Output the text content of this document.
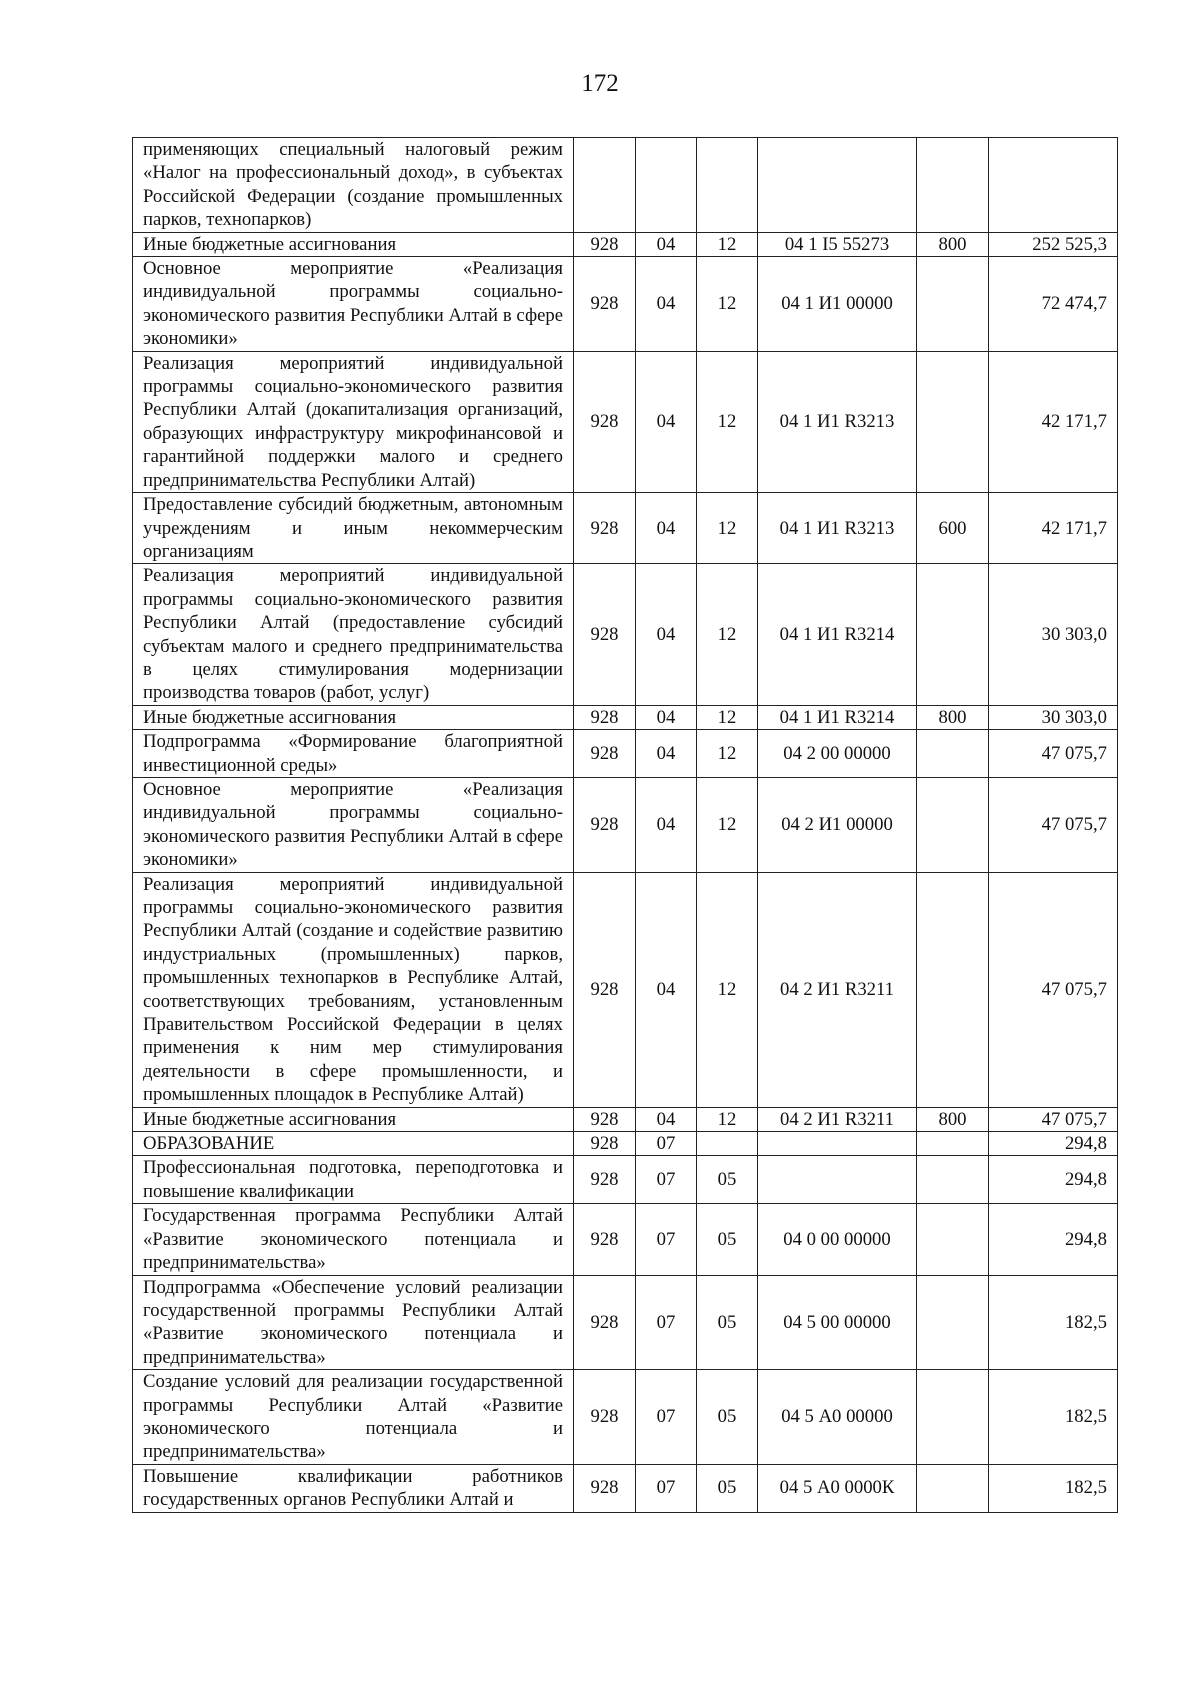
172
применяющих специальный налоговый режим «Налог на профессиональный доход», в субъектах Российской Федерации (создание промышленных парков, технопарков)						
Иные бюджетные ассигнования	928	04	12	04 1 I5 55273	800	252 525,3
Основное мероприятие «Реализация индивидуальной программы социально-экономического развития Республики Алтай в сфере экономики»	928	04	12	04 1 И1 00000		72 474,7
Реализация мероприятий индивидуальной программы социально-экономического развития Республики Алтай (докапитализация организаций, образующих инфраструктуру микрофинансовой и гарантийной поддержки малого и среднего предпринимательства Республики Алтай)	928	04	12	04 1 И1 R3213		42 171,7
Предоставление субсидий бюджетным, автономным учреждениям и иным некоммерческим организациям	928	04	12	04 1 И1 R3213	600	42 171,7
Реализация мероприятий индивидуальной программы социально-экономического развития Республики Алтай (предоставление субсидий субъектам малого и среднего предпринимательства в целях стимулирования модернизации производства товаров (работ, услуг)	928	04	12	04 1 И1 R3214		30 303,0
Иные бюджетные ассигнования	928	04	12	04 1 И1 R3214	800	30 303,0
Подпрограмма «Формирование благоприятной инвестиционной среды»	928	04	12	04 2 00 00000		47 075,7
Основное мероприятие «Реализация индивидуальной программы социально-экономического развития Республики Алтай в сфере экономики»	928	04	12	04 2 И1 00000		47 075,7
Реализация мероприятий индивидуальной программы социально-экономического развития Республики Алтай (создание и содействие развитию индустриальных (промышленных) парков, промышленных технопарков в Республике Алтай, соответствующих требованиям, установленным Правительством Российской Федерации в целях применения к ним мер стимулирования деятельности в сфере промышленности, и промышленных площадок в Республике Алтай)	928	04	12	04 2 И1 R3211		47 075,7
Иные бюджетные ассигнования	928	04	12	04 2 И1 R3211	800	47 075,7
ОБРАЗОВАНИЕ	928	07				294,8
Профессиональная подготовка, переподготовка и повышение квалификации	928	07	05			294,8
Государственная программа Республики Алтай «Развитие экономического потенциала и предпринимательства»	928	07	05	04 0 00 00000		294,8
Подпрограмма «Обеспечение условий реализации государственной программы Республики Алтай «Развитие экономического потенциала и предпринимательства»	928	07	05	04 5 00 00000		182,5
Создание условий для реализации государственной программы Республики Алтай «Развитие экономического потенциала и предпринимательства»	928	07	05	04 5 А0 00000		182,5
Повышение квалификации работников государственных органов Республики Алтай и	928	07	05	04 5 А0 0000К		182,5
